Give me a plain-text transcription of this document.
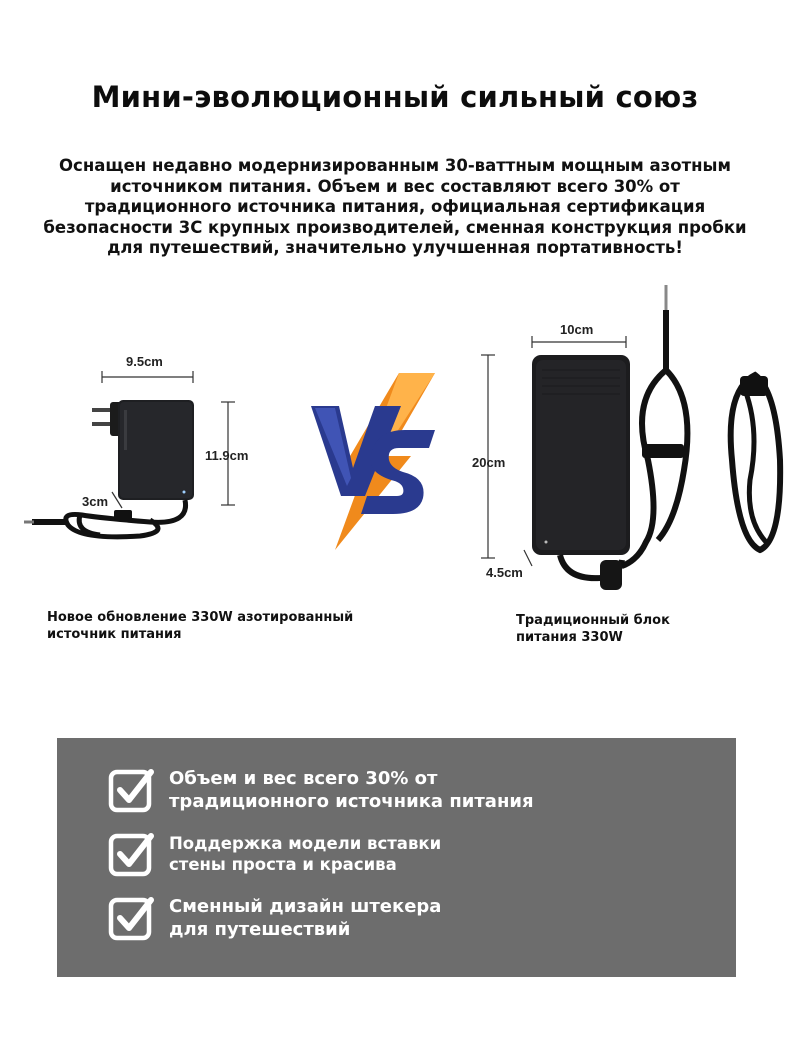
Мини-эволюционный сильный союз
Оснащен недавно модернизированным 30-ваттным мощным азотным источником питания. Объем и вес составляют всего 30% от традиционного источника питания, официальная сертификация безопасности 3C крупных производителей, сменная конструкция пробки для путешествий, значительно улучшенная портативность!
9.5cm
11.9cm
3cm
Новое обновление 330W азотированный
источник питания
10cm
20cm
4.5cm
Традиционный блок
питания 330W
Объем и вес всего 30% от
традиционного источника питания
Поддержка модели вставки
стены проста и красива
Сменный дизайн штекера
для путешествий
